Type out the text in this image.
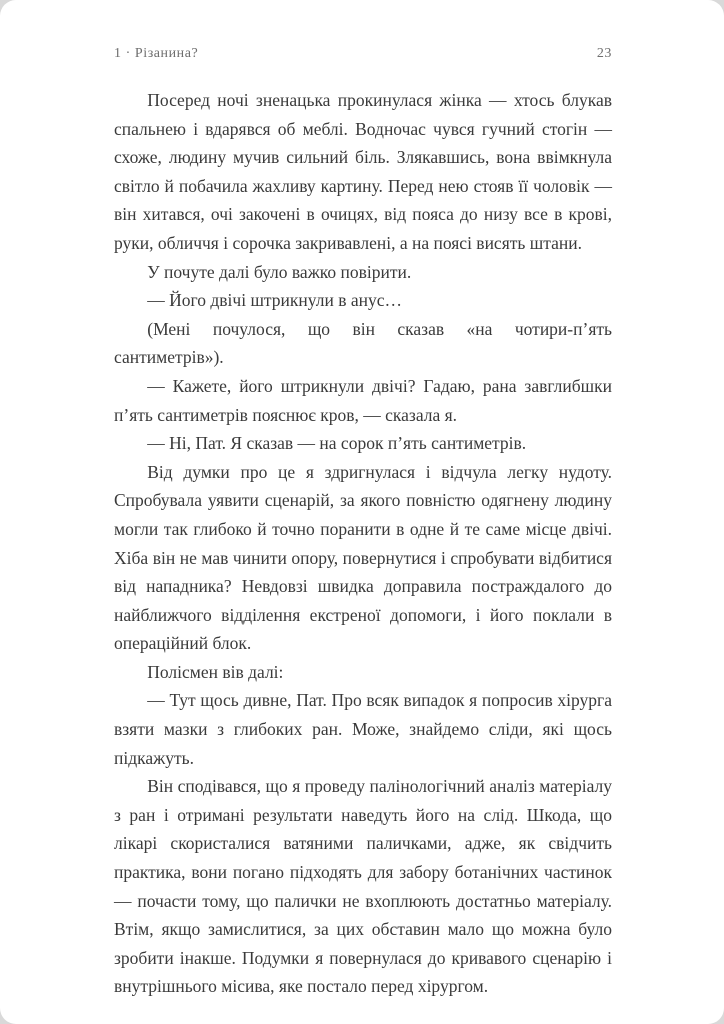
1 · Різанина?	23

Посеред ночі зненацька прокинулася жінка — хтось блукав спальнею і вдарявся об меблі. Водночас чувся гучний стогін — схоже, людину мучив сильний біль. Злякавшись, вона ввімкнула світло й побачила жахливу картину. Перед нею стояв її чоловік — він хитався, очі закочені в очицях, від пояса до низу все в крові, руки, обличчя і сорочка закривавлені, а на поясі висять штани.

У почуте далі було важко повірити.

— Його двічі штрикнули в анус…

(Мені почулося, що він сказав «на чотири-п’ять сантиметрів»).

— Кажете, його штрикнули двічі? Гадаю, рана завглибшки п’ять сантиметрів пояснює кров, — сказала я.

— Ні, Пат. Я сказав — на сорок п’ять сантиметрів.

Від думки про це я здригнулася і відчула легку нудоту. Спробувала уявити сценарій, за якого повністю одягнену людину могли так глибоко й точно поранити в одне й те саме місце двічі. Хіба він не мав чинити опору, повернутися і спробувати відбитися від нападника? Невдовзі швидка доправила постраждалого до найближчого відділення екстреної допомоги, і його поклали в операційний блок.

Полісмен вів далі:

— Тут щось дивне, Пат. Про всяк випадок я попросив хірурга взяти мазки з глибоких ран. Може, знайдемо сліди, які щось підкажуть.

Він сподівався, що я проведу палінологічний аналіз матеріалу з ран і отримані результати наведуть його на слід. Шкода, що лікарі скористалися ватяними паличками, адже, як свідчить практика, вони погано підходять для забору ботанічних частинок — почасти тому, що палички не вхоплюють достатньо матеріалу. Втім, якщо замислитися, за цих обставин мало що можна було зробити інакше. Подумки я повернулася до кривавого сценарію і внутрішнього місива, яке постало перед хірургом.
